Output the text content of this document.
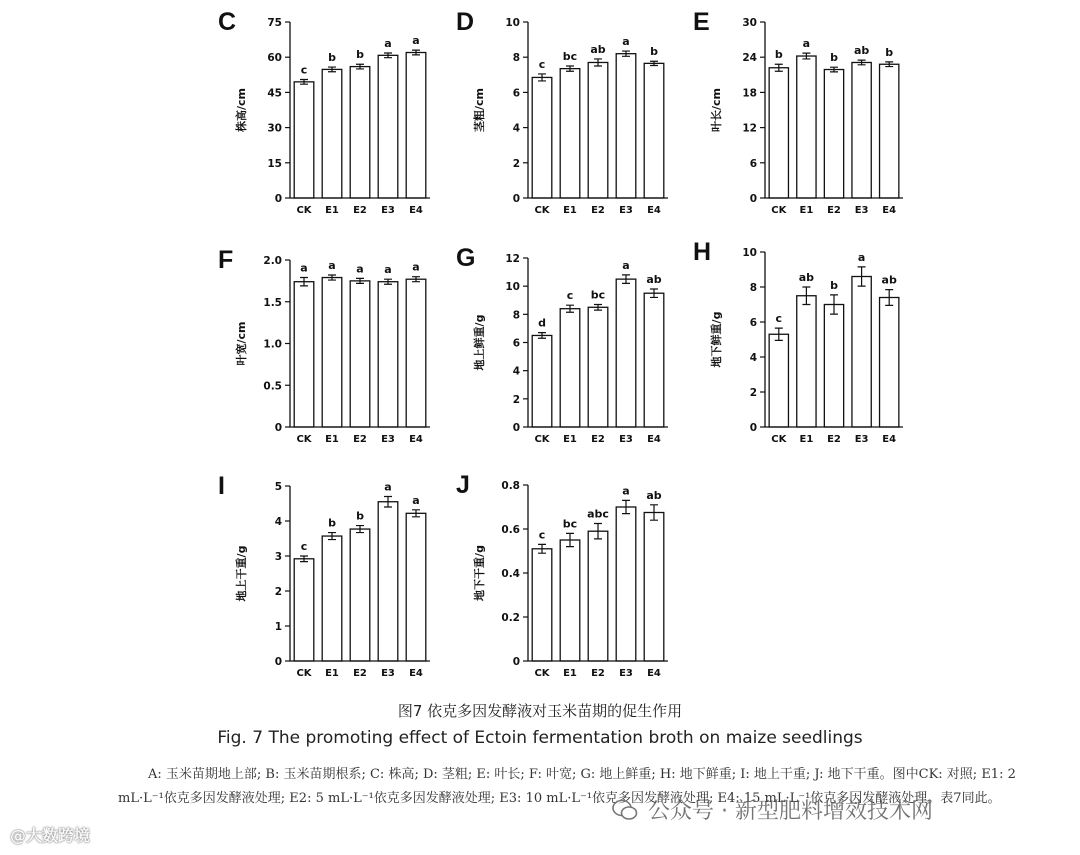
C
株高/cm
c
CK
b
E1
b
E2
a
E3
a
E4
0
15
30
45
60
75	D
茎粗/cm
c
CK
bc
E1
ab
E2
a
E3
b
E4
0
2
4
6
8
10	E
叶长/cm
b
CK
a
E1
b
E2
ab
E3
b
E4
0
6
12
18
24
30
F
叶宽/cm
a
CK
a
E1
a
E2
a
E3
a
E4
0
0.5
1.0
1.5
2.0	G
地上鲜重/g	d
CK
c
E1
bc
E2
a
E3
ab
E4
0
2
4
6
8
10
12	H
地下鲜重/g	c
CK
ab
E1
b
E2
a
E3
ab
E4
0
2
4
6
8
10
I
地上干重/g	c
CK
b
E1
b
E2
a
E3
a
E4
0
1
2
3
4
5	J
地下干重/g
c
CK
bc
E1
abc
E2
a
E3
ab
E4
0
0.2
0.4
0.6
0.8
图7 依克多因发酵液对玉米苗期的促生作用
Fig. 7 The promoting effect of Ectoin fermentation broth on maize seedlings
A: 玉米苗期地上部; B: 玉米苗期根系; C: 株高; D: 茎粗; E: 叶长; F: 叶宽; G: 地上鲜重; H: 地下鲜重; I: 地上干重; J: 地下干重。图中CK: 对照; E1: 2 mL·L⁻¹依克多因发酵液处理; E2: 5 mL·L⁻¹依克多因发酵液处理; E3: 10 mL·L⁻¹依克多因发酵液处理; E4: 15 mL·L⁻¹依克多因发酵液处理。表7同此。
@大数跨境
公众号 · 新型肥料增效技术网
